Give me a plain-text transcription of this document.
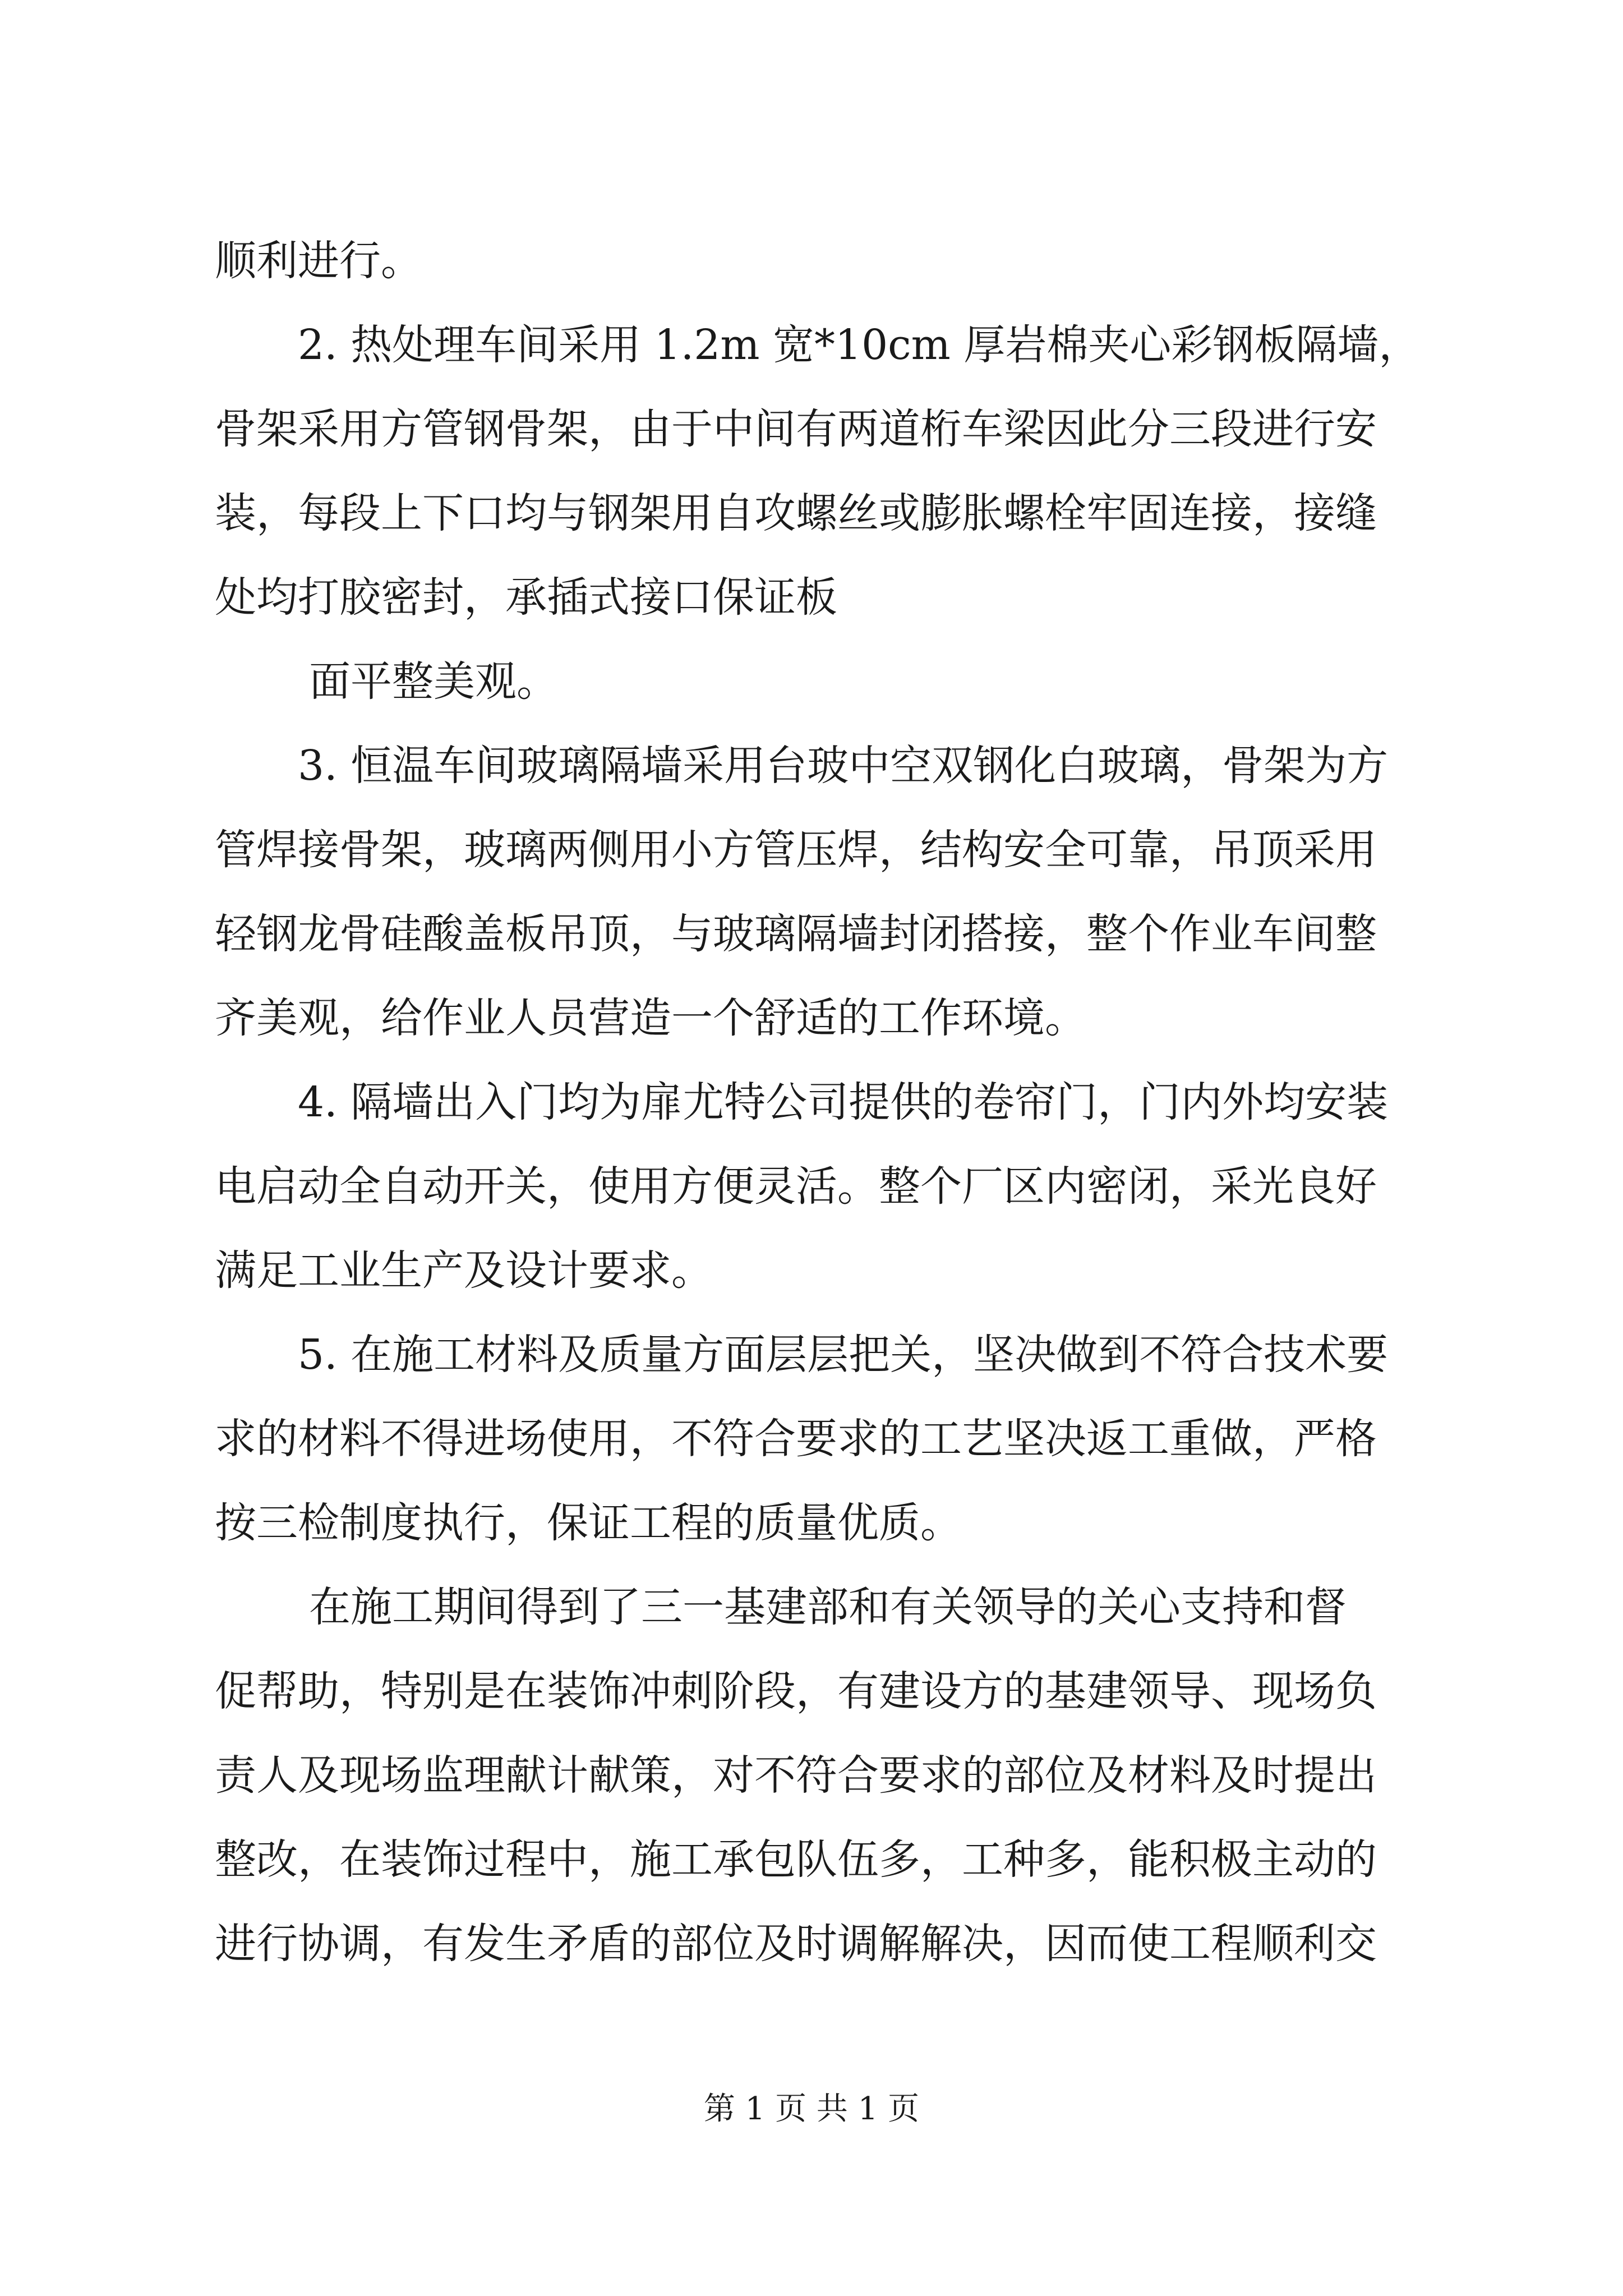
顺利进行。
2. 热处理车间采用 1.2m 宽*10cm 厚岩棉夹心彩钢板隔墙，
骨架采用方管钢骨架，由于中间有两道桁车梁因此分三段进行安
装，每段上下口均与钢架用自攻螺丝或膨胀螺栓牢固连接，接缝
处均打胶密封，承插式接口保证板
面平整美观。
3. 恒温车间玻璃隔墙采用台玻中空双钢化白玻璃，骨架为方
管焊接骨架，玻璃两侧用小方管压焊，结构安全可靠，吊顶采用
轻钢龙骨硅酸盖板吊顶，与玻璃隔墙封闭搭接，整个作业车间整
齐美观，给作业人员营造一个舒适的工作环境。
4. 隔墙出入门均为扉尤特公司提供的卷帘门，门内外均安装
电启动全自动开关，使用方便灵活。整个厂区内密闭，采光良好
满足工业生产及设计要求。
5. 在施工材料及质量方面层层把关，坚决做到不符合技术要
求的材料不得进场使用，不符合要求的工艺坚决返工重做，严格
按三检制度执行，保证工程的质量优质。
在施工期间得到了三一基建部和有关领导的关心支持和督
促帮助，特别是在装饰冲刺阶段，有建设方的基建领导、现场负
责人及现场监理献计献策，对不符合要求的部位及材料及时提出
整改，在装饰过程中，施工承包队伍多，工种多，能积极主动的
进行协调，有发生矛盾的部位及时调解解决，因而使工程顺利交
第 1 页 共 1 页
